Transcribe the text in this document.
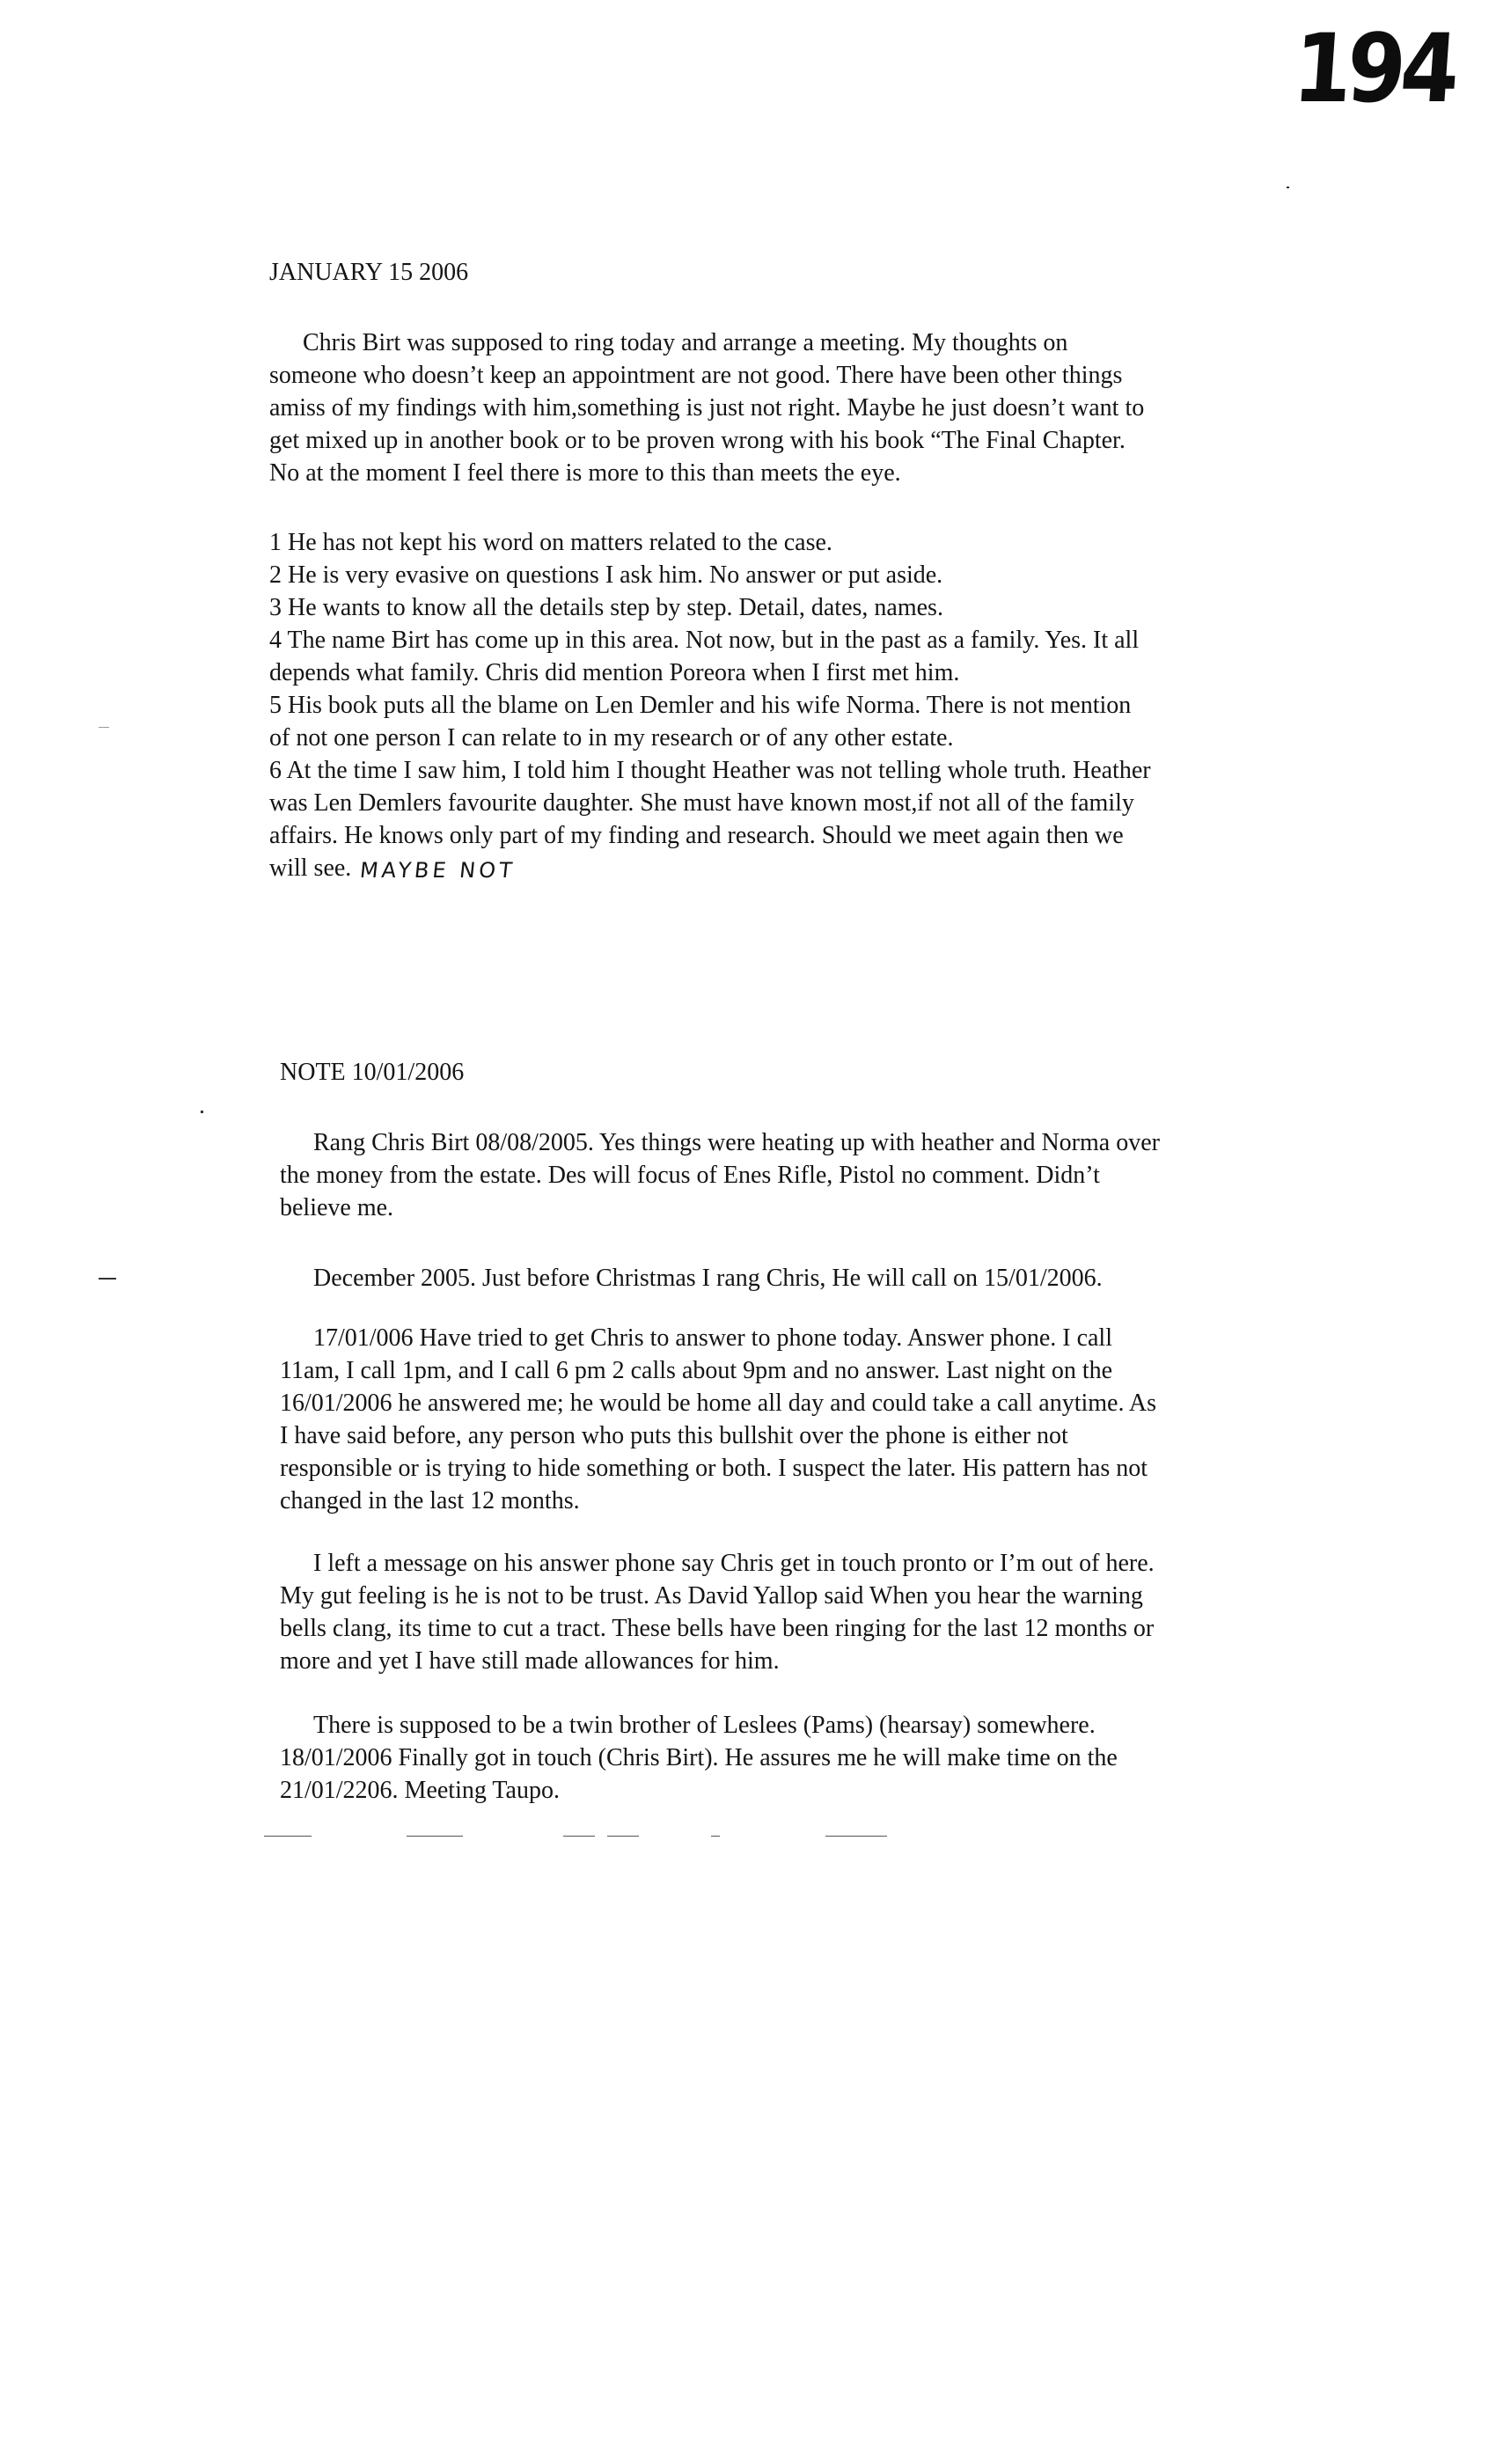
194
JANUARY 15 2006
Chris Birt was supposed to ring today and arrange a meeting. My thoughts on
someone who doesn’t keep an appointment are not good. There have been other things
amiss of my findings with him,something is just not right. Maybe he just doesn’t want to
get mixed up in another book or to be proven wrong with his book “The Final Chapter.
No at the moment I feel there is more to this than meets the eye.
1 He has not kept his word on matters related to the case.
2 He is very evasive on questions I ask him. No answer or put aside.
3 He wants to know all the details step by step. Detail, dates, names.
4 The name Birt has come up in this area. Not now, but in the past as a family. Yes. It all
depends what family. Chris did mention Poreora when I first met him.
5 His book puts all the blame on Len Demler and his wife Norma. There is not mention
of not one person I can relate to in my research or of any other estate.
6 At the time I saw him, I told him I thought Heather was not telling whole truth. Heather
was Len Demlers favourite daughter. She must have known most,if not all of the family
affairs. He knows only part of my finding and research. Should we meet again then we
will see. MAYBE NOT
NOTE 10/01/2006
Rang Chris Birt 08/08/2005. Yes things were heating up with heather and Norma over
the money from the estate. Des will focus of Enes Rifle, Pistol no comment. Didn’t
believe me.
December 2005. Just before Christmas I rang Chris, He will call on 15/01/2006.
17/01/006 Have tried to get Chris to answer to phone today. Answer phone. I call
11am, I call 1pm, and I call 6 pm 2 calls about 9pm and no answer. Last night on the
16/01/2006 he answered me; he would be home all day and could take a call anytime. As
I have said before, any person who puts this bullshit over the phone is either not
responsible or is trying to hide something or both. I suspect the later. His pattern has not
changed in the last 12 months.
I left a message on his answer phone say Chris get in touch pronto or I’m out of here.
My gut feeling is he is not to be trust. As David Yallop said When you hear the warning
bells clang, its time to cut a tract. These bells have been ringing for the last 12 months or
more and yet I have still made allowances for him.
There is supposed to be a twin brother of Leslees (Pams) (hearsay) somewhere.
18/01/2006 Finally got in touch (Chris Birt). He assures me he will make time on the
21/01/2206. Meeting Taupo.
